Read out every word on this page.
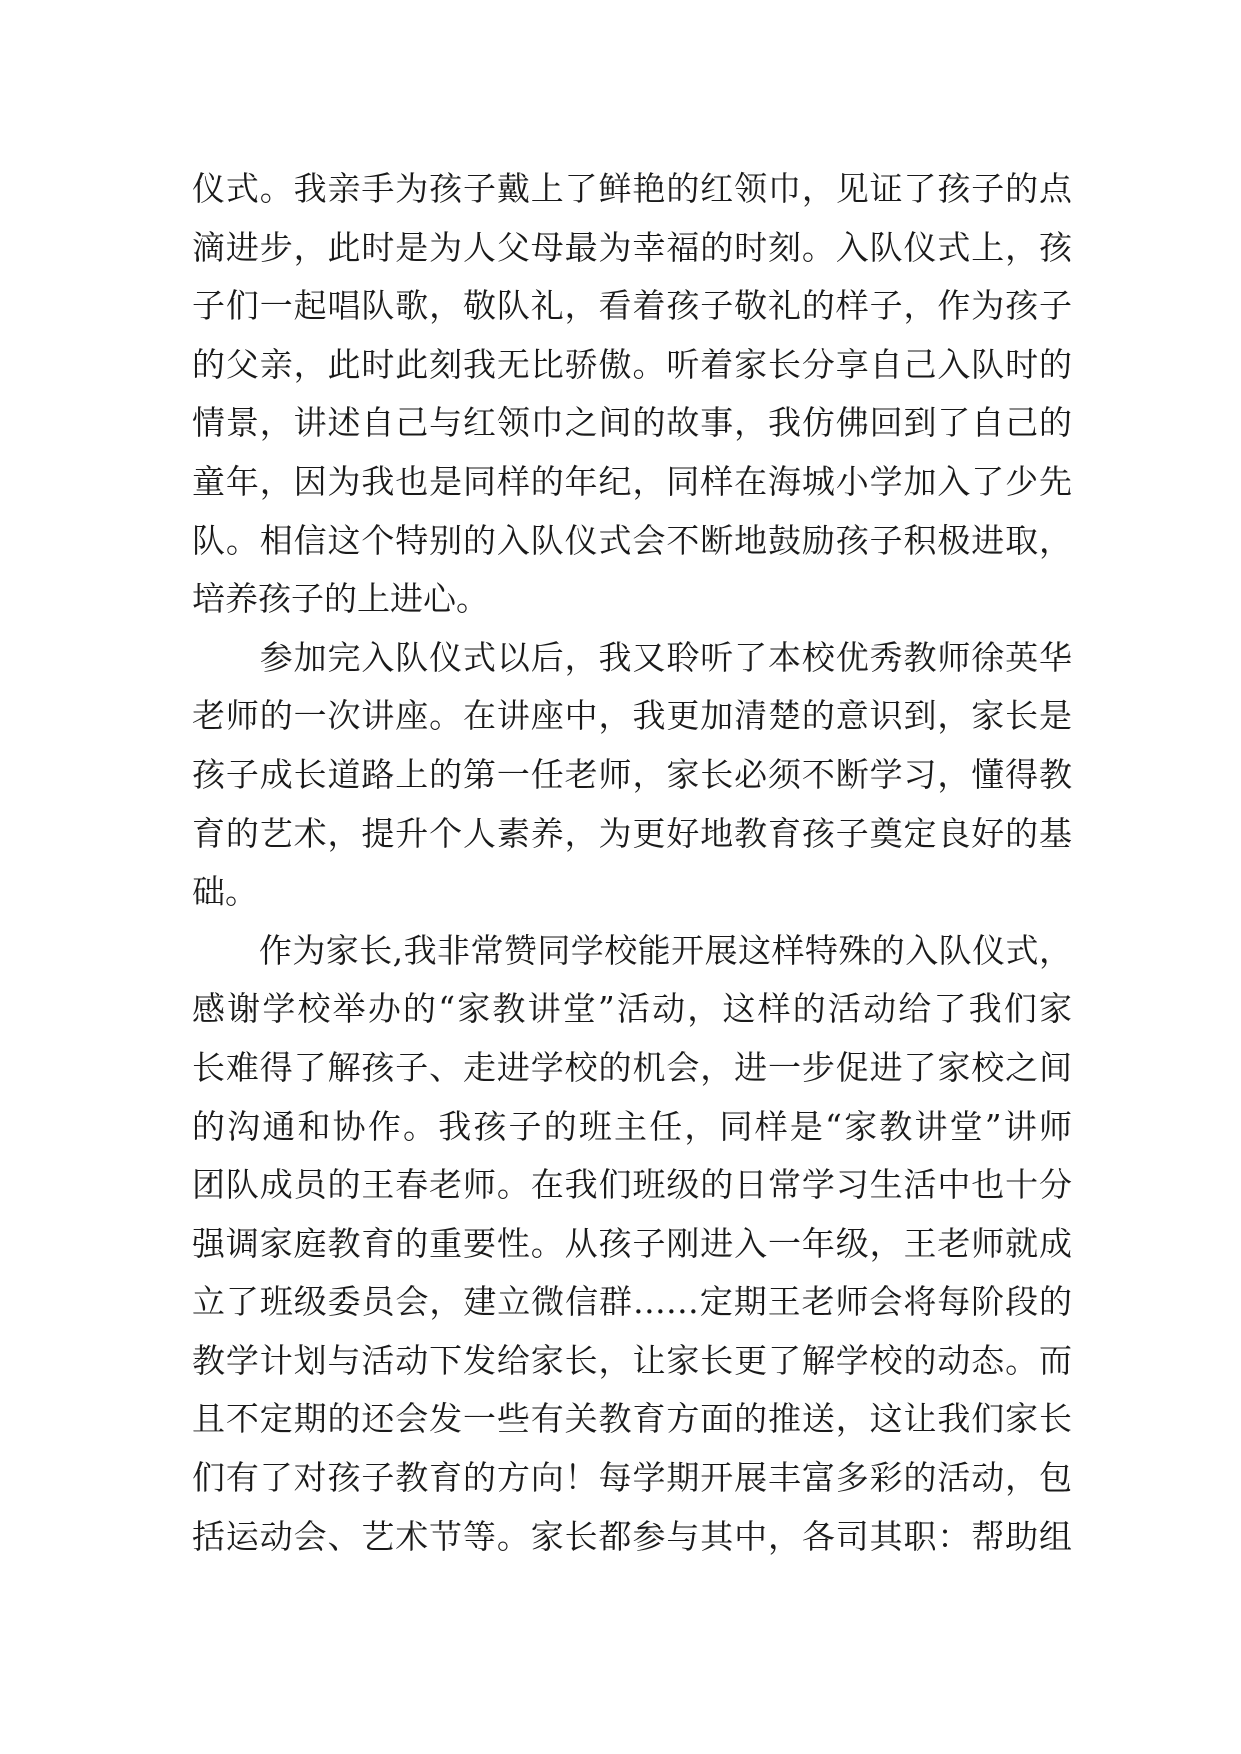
仪式。我亲手为孩子戴上了鲜艳的红领巾，见证了孩子的点
滴进步，此时是为人父母最为幸福的时刻。入队仪式上，孩
子们一起唱队歌，敬队礼，看着孩子敬礼的样子，作为孩子
的父亲，此时此刻我无比骄傲。听着家长分享自己入队时的
情景，讲述自己与红领巾之间的故事，我仿佛回到了自己的
童年，因为我也是同样的年纪，同样在海城小学加入了少先
队。相信这个特别的入队仪式会不断地鼓励孩子积极进取，
培养孩子的上进心。
　　参加完入队仪式以后，我又聆听了本校优秀教师徐英华
老师的一次讲座。在讲座中，我更加清楚的意识到，家长是
孩子成长道路上的第一任老师，家长必须不断学习，懂得教
育的艺术，提升个人素养，为更好地教育孩子奠定良好的基
础。
　　作为家长,我非常赞同学校能开展这样特殊的入队仪式，
感谢学校举办的“家教讲堂”活动，这样的活动给了我们家
长难得了解孩子、走进学校的机会，进一步促进了家校之间
的沟通和协作。我孩子的班主任，同样是“家教讲堂”讲师
团队成员的王春老师。在我们班级的日常学习生活中也十分
强调家庭教育的重要性。从孩子刚进入一年级，王老师就成
立了班级委员会，建立微信群……定期王老师会将每阶段的
教学计划与活动下发给家长，让家长更了解学校的动态。而
且不定期的还会发一些有关教育方面的推送，这让我们家长
们有了对孩子教育的方向！每学期开展丰富多彩的活动，包
括运动会、艺术节等。家长都参与其中，各司其职：帮助组
